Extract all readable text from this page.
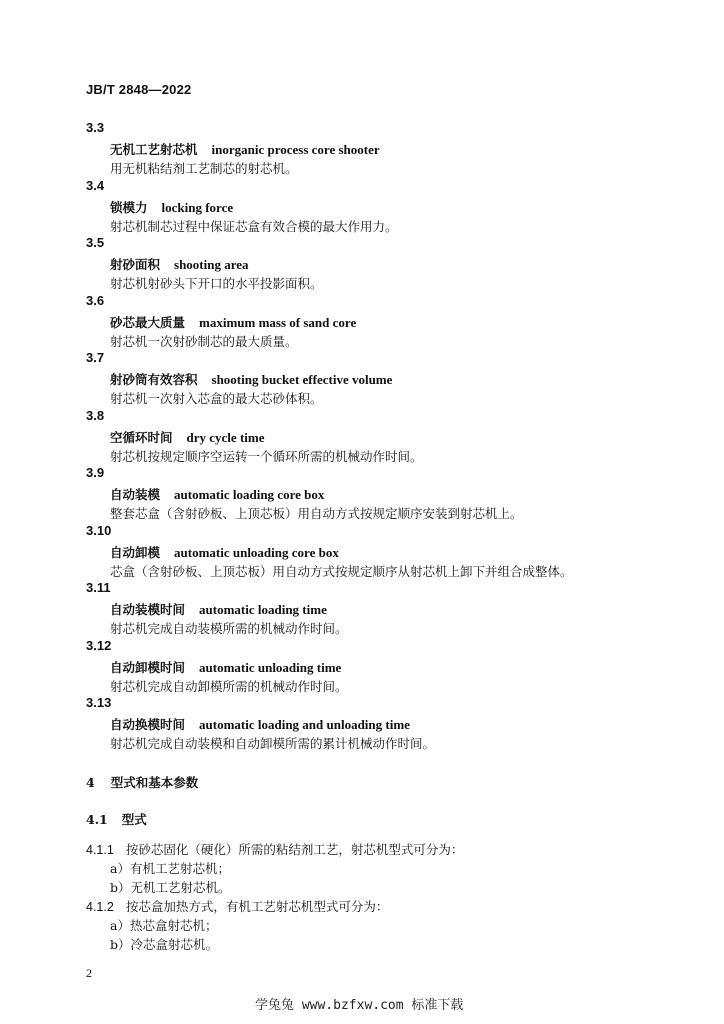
JB/T 2848—2022
3.3
无机工艺射芯机 inorganic process core shooter
用无机粘结剂工艺制芯的射芯机。
3.4
锁模力 locking force
射芯机制芯过程中保证芯盒有效合模的最大作用力。
3.5
射砂面积 shooting area
射芯机射砂头下开口的水平投影面积。
3.6
砂芯最大质量 maximum mass of sand core
射芯机一次射砂制芯的最大质量。
3.7
射砂筒有效容积 shooting bucket effective volume
射芯机一次射入芯盒的最大芯砂体积。
3.8
空循环时间 dry cycle time
射芯机按规定顺序空运转一个循环所需的机械动作时间。
3.9
自动装模 automatic loading core box
整套芯盒（含射砂板、上顶芯板）用自动方式按规定顺序安装到射芯机上。
3.10
自动卸模 automatic unloading core box
芯盒（含射砂板、上顶芯板）用自动方式按规定顺序从射芯机上卸下并组合成整体。
3.11
自动装模时间 automatic loading time
射芯机完成自动装模所需的机械动作时间。
3.12
自动卸模时间 automatic unloading time
射芯机完成自动卸模所需的机械动作时间。
3.13
自动换模时间 automatic loading and unloading time
射芯机完成自动装模和自动卸模所需的累计机械动作时间。
4 型式和基本参数
4.1 型式
4.1.1 按砂芯固化（硬化）所需的粘结剂工艺，射芯机型式可分为：
a）有机工艺射芯机；
b）无机工艺射芯机。
4.1.2 按芯盒加热方式，有机工艺射芯机型式可分为：
a）热芯盒射芯机；
b）冷芯盒射芯机。
2
学兔兔 www.bzfxw.com 标准下载
